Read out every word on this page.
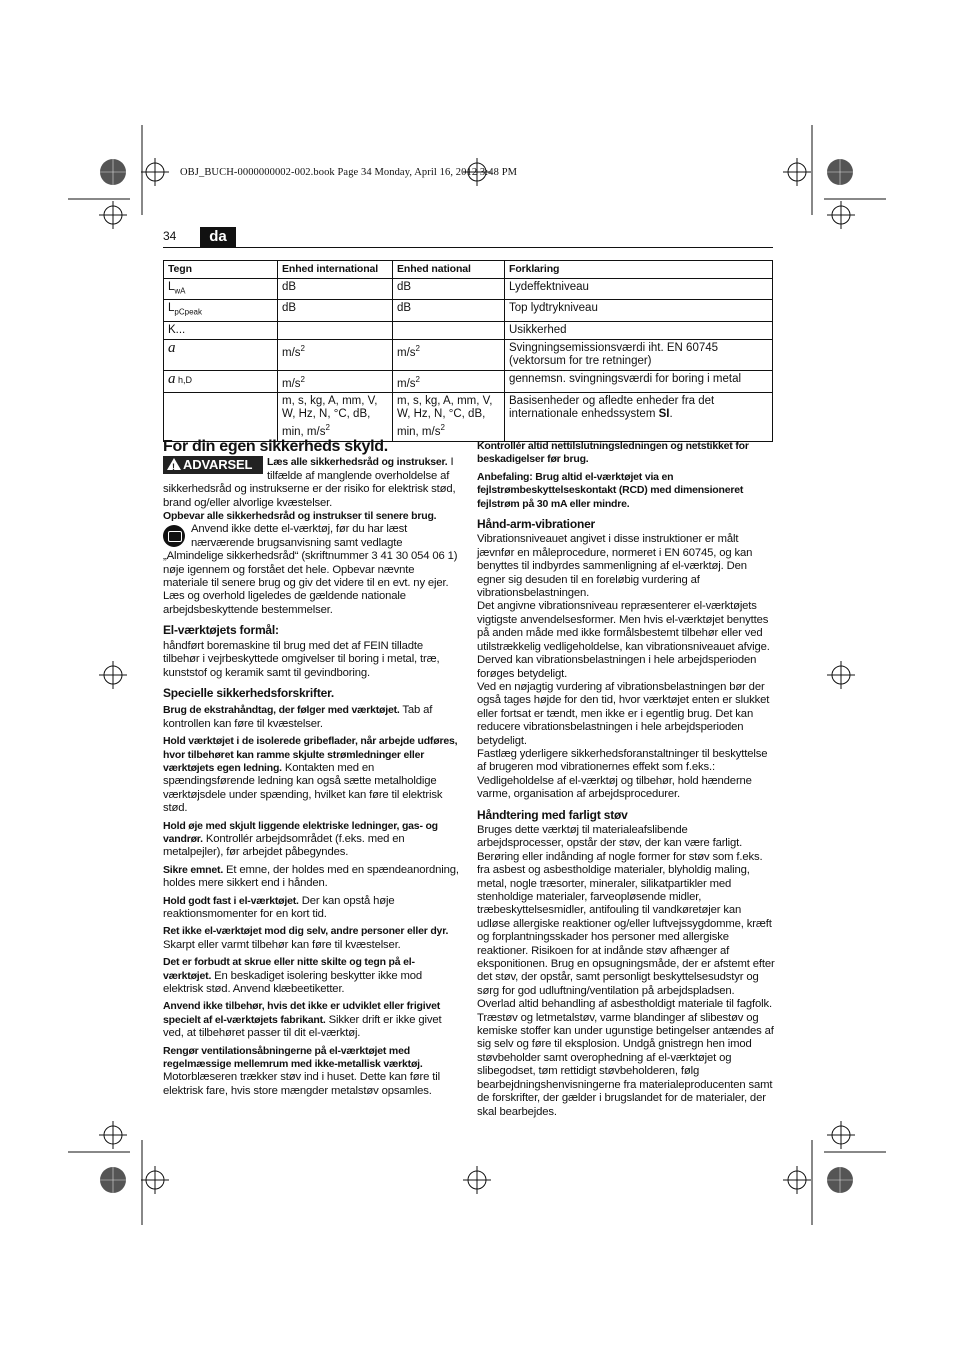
OBJ_BUCH-0000000002-002.book Page 34 Monday, April 16, 2012 3:48 PM
34	da
Tegn	Enhed international	Enhed national	Forklaring
$L_{wA}$	dB	dB	Lydeffektniveau
$L_{pCpeak}$	dB	dB	Top lydtrykniveau
K...			Usikkerhed
a	$m/s^2$	$m/s^2$	Svingningsemissionsværdi iht. EN 60745 (vektorsum for tre retninger)
a h,D	$m/s^2$	$m/s^2$	gennemsn. svingningsværdi for boring i metal
	m, s, kg, A, mm, V, W, Hz, N, °C, dB, min, $m/s^2$	m, s, kg, A, mm, V, W, Hz, N, °C, dB, min, $m/s^2$	Basisenheder og afledte enheder fra det internationale enhedssystem SI.
For din egen sikkerheds skyld.

!ADVARSEL	Læs alle sikkerhedsråd og instrukser. I tilfælde af manglende overholdelse af sikkerhedsråd og instrukserne er der risiko for elektrisk stød, brand og/eller alvorlige kvæstelser.

Opbevar alle sikkerhedsråd og instrukser til senere brug.

Anvend ikke dette el-værktøj, før du har læst nærværende brugsanvisning samt vedlagte „Almindelige sikkerhedsråd“ (skriftnummer 3 41 30 054 06 1) nøje igennem og forstået det hele. Opbevar nævnte materiale til senere brug og giv det videre til en evt. ny ejer.

Læs og overhold ligeledes de gældende nationale arbejdsbeskyttende bestemmelser.

El-værktøjets formål:

håndført boremaskine til brug med det af FEIN tilladte tilbehør i vejrbeskyttede omgivelser til boring i metal, træ, kunststof og keramik samt til gevindboring.

Specielle sikkerhedsforskrifter.

Brug de ekstrahåndtag, der følger med værktøjet. Tab af kontrollen kan føre til kvæstelser.

Hold værktøjet i de isolerede gribeflader, når arbejde udføres, hvor tilbehøret kan ramme skjulte strømledninger eller værktøjets egen ledning. Kontakten med en spændingsførende ledning kan også sætte metalholdige værktøjsdele under spænding, hvilket kan føre til elektrisk stød.

Hold øje med skjult liggende elektriske ledninger, gas- og vandrør. Kontrollér arbejdsområdet (f.eks. med en metalpejler), før arbejdet påbegyndes.

Sikre emnet. Et emne, der holdes med en spændeanordning, holdes mere sikkert end i hånden.

Hold godt fast i el-værktøjet. Der kan opstå høje reaktionsmomenter for en kort tid.

Ret ikke el-værktøjet mod dig selv, andre personer eller dyr. Skarpt eller varmt tilbehør kan føre til kvæstelser.

Det er forbudt at skrue eller nitte skilte og tegn på el-værktøjet. En beskadiget isolering beskytter ikke mod elektrisk stød. Anvend klæbeetiketter.

Anvend ikke tilbehør, hvis det ikke er udviklet eller frigivet specielt af el-værktøjets fabrikant. Sikker drift er ikke givet ved, at tilbehøret passer til dit el-værktøj.

Rengør ventilationsåbningerne på el-værktøjet med regelmæssige mellemrum med ikke-metallisk værktøj. Motorblæseren trækker støv ind i huset. Dette kan føre til elektrisk fare, hvis store mængder metalstøv opsamles.

Kontrollér altid nettilslutningsledningen og netstikket for beskadigelser før brug.

Anbefaling: Brug altid el-værktøjet via en fejlstrømbeskyttelseskontakt (RCD) med dimensioneret fejlstrøm på 30 mA eller mindre.

Hånd-arm-vibrationer

Vibrationsniveauet angivet i disse instruktioner er målt jævnfør en måleprocedure, normeret i EN 60745, og kan benyttes til indbyrdes sammenligning af el-værktøj. Den egner sig desuden til en foreløbig vurdering af vibrationsbelastningen.

Det angivne vibrationsniveau repræsenterer el-værktøjets vigtigste anvendelsesformer. Men hvis el-værktøjet benyttes på anden måde med ikke formålsbestemt tilbehør eller ved utilstrækkelig vedligeholdelse, kan vibrationsniveauet afvige. Derved kan vibrationsbelastningen i hele arbejdsperioden forøges betydeligt.

Ved en nøjagtig vurdering af vibrationsbelastningen bør der også tages højde for den tid, hvor værktøjet enten er slukket eller fortsat er tændt, men ikke er i egentlig brug. Det kan reducere vibrationsbelastningen i hele arbejdsperioden betydeligt.

Fastlæg yderligere sikkerhedsforanstaltninger til beskyttelse af brugeren mod vibrationernes effekt som f.eks.: Vedligeholdelse af el-værktøj og tilbehør, hold hænderne varme, organisation af arbejdsprocedurer.

Håndtering med farligt støv

Bruges dette værktøj til materialeafslibende arbejdsprocesser, opstår der støv, der kan være farligt.

Berøring eller indånding af nogle former for støv som f.eks. fra asbest og asbestholdige materialer, blyholdig maling, metal, nogle træsorter, mineraler, silikatpartikler med stenholdige materialer, farveopløsende midler, træbeskyttelsesmidler, antifouling til vandkøretøjer kan udløse allergiske reaktioner og/eller luftvejssygdomme, kræft og forplantningsskader hos personer med allergiske reaktioner. Risikoen for at indånde støv afhænger af eksponitionen. Brug en opsugningsmåde, der er afstemt efter det støv, der opstår, samt personligt beskyttelsesudstyr og sørg for god udluftning/ventilation på arbejdspladsen. Overlad altid behandling af asbestholdigt materiale til fagfolk.

Træstøv og letmetalstøv, varme blandinger af slibestøv og kemiske stoffer kan under ugunstige betingelser antændes af sig selv og føre til eksplosion. Undgå gnistregn hen imod støvbeholder samt overophedning af el-værktøjet og slibegodset, tøm rettidigt støvbeholderen, følg bearbejdningshenvisningerne fra materialeproducenten samt de forskrifter, der gælder i brugslandet for de materialer, der skal bearbejdes.
